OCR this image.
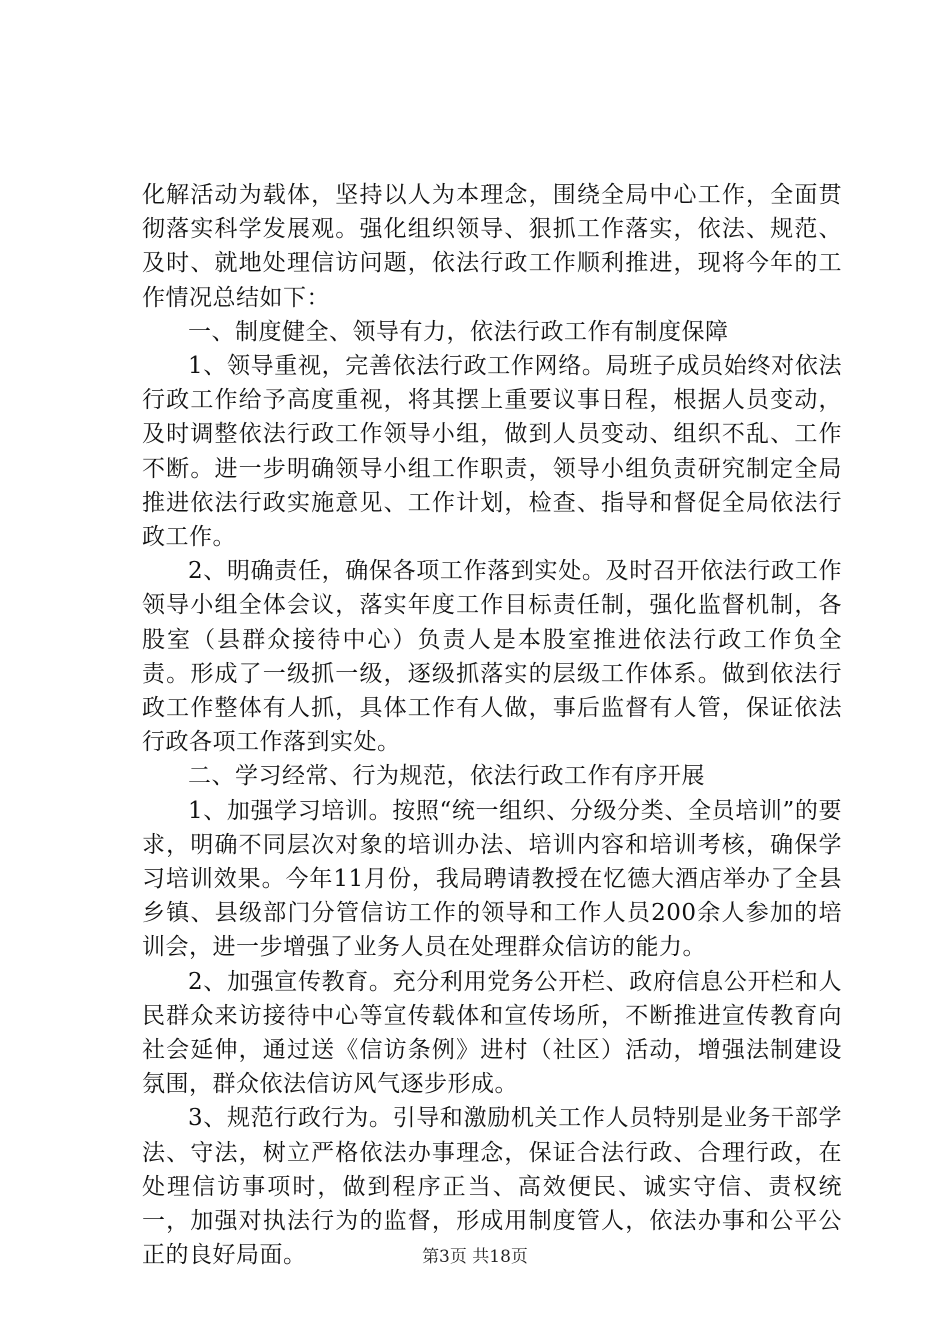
化解活动为载体，坚持以人为本理念，围绕全局中心工作，全面贯彻落实科学发展观。强化组织领导、狠抓工作落实，依法、规范、及时、就地处理信访问题，依法行政工作顺利推进，现将今年的工作情况总结如下：

一、制度健全、领导有力，依法行政工作有制度保障

1、领导重视，完善依法行政工作网络。局班子成员始终对依法行政工作给予高度重视，将其摆上重要议事日程，根据人员变动，及时调整依法行政工作领导小组，做到人员变动、组织不乱、工作不断。进一步明确领导小组工作职责，领导小组负责研究制定全局推进依法行政实施意见、工作计划，检查、指导和督促全局依法行政工作。

2、明确责任，确保各项工作落到实处。及时召开依法行政工作领导小组全体会议，落实年度工作目标责任制，强化监督机制，各股室（县群众接待中心）负责人是本股室推进依法行政工作负全责。形成了一级抓一级，逐级抓落实的层级工作体系。做到依法行政工作整体有人抓，具体工作有人做，事后监督有人管，保证依法行政各项工作落到实处。

二、学习经常、行为规范，依法行政工作有序开展

1、加强学习培训。按照“统一组织、分级分类、全员培训”的要求，明确不同层次对象的培训办法、培训内容和培训考核，确保学习培训效果。今年11月份，我局聘请教授在忆德大酒店举办了全县乡镇、县级部门分管信访工作的领导和工作人员200余人参加的培训会，进一步增强了业务人员在处理群众信访的能力。

2、加强宣传教育。充分利用党务公开栏、政府信息公开栏和人民群众来访接待中心等宣传载体和宣传场所，不断推进宣传教育向社会延伸，通过送《信访条例》进村（社区）活动，增强法制建设氛围，群众依法信访风气逐步形成。

3、规范行政行为。引导和激励机关工作人员特别是业务干部学法、守法，树立严格依法办事理念，保证合法行政、合理行政，在处理信访事项时，做到程序正当、高效便民、诚实守信、责权统一，加强对执法行为的监督，形成用制度管人，依法办事和公平公正的良好局面。	第3页 共18页
